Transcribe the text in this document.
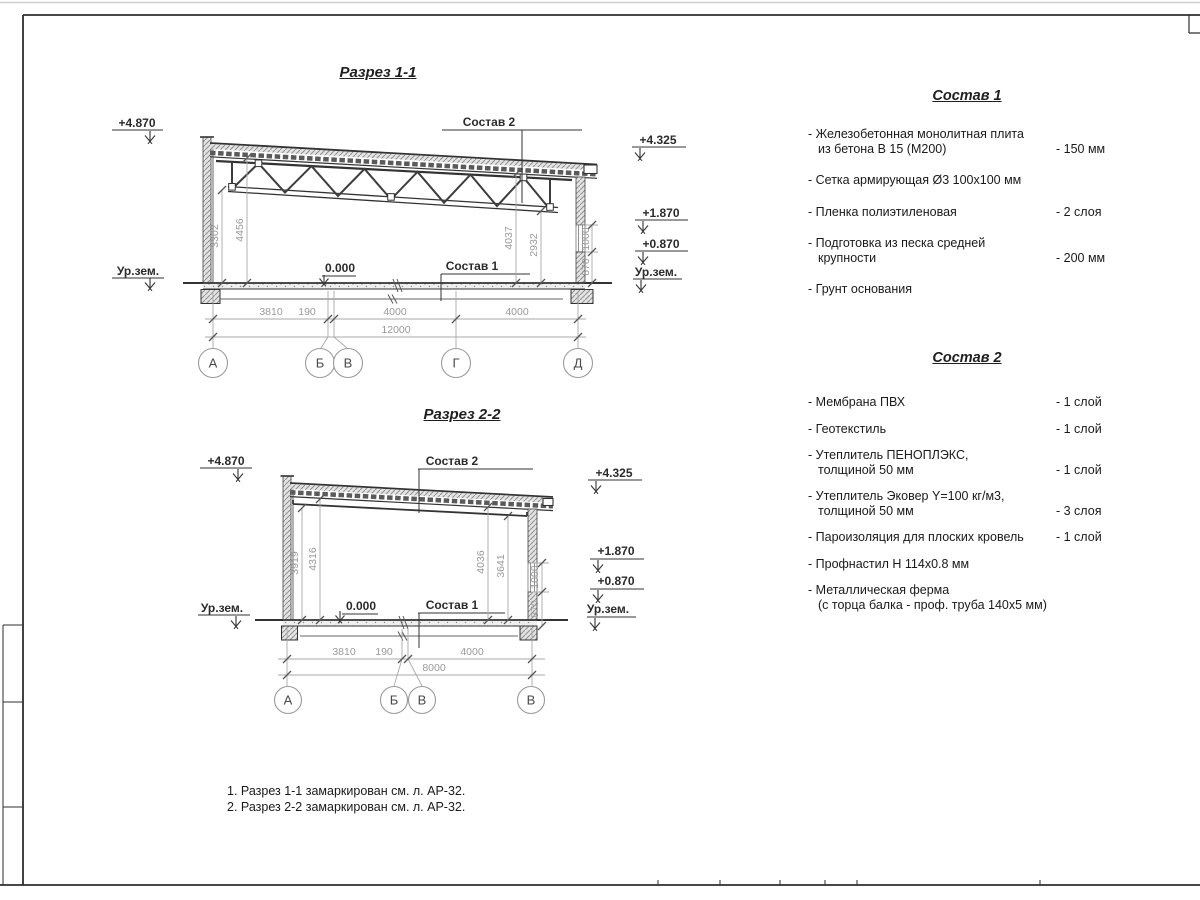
А	Б В	Г	Д
Состав 2
Состав 1
0.000
+4.870
Ур.зем.
+4.325
+1.870
+0.870
Ур.зем.
3302 4456	4037 2932	1000
870
3810 190	4000	4000
12000
А	Б В	В
Состав 2
Состав 1
0.000
+4.870
Ур.зем.
+4.325
+1.870
+0.870
Ур.зем.
3919 4316	4036 3641 1000
870
3810 190	4000
8000
Разрез 1-1
Разрез 2-2
Состав 1
- Железобетонная монолитная плита
из бетона В 15 (М200)	- 150 мм
- Сетка армирующая Ø3 100х100 мм
- Пленка полиэтиленовая	- 2 слоя
- Подготовка из песка средней
крупности	- 200 мм
- Грунт основания
Состав 2
- Мембрана ПВХ	- 1 слой
- Геотекстиль	- 1 слой
- Утеплитель ПЕНОПЛЭКС,
толщиной 50 мм	- 1 слой
- Утеплитель Эковер Y=100 кг/м3,
толщиной 50 мм	- 3 слоя
- Пароизоляция для плоских кровель	- 1 слой
- Профнастил Н 114х0.8 мм
- Металлическая ферма
(с торца балка - проф. труба 140х5 мм)
1. Разрез 1-1 замаркирован см. л. АР-32.
2. Разрез 2-2 замаркирован см. л. АР-32.
